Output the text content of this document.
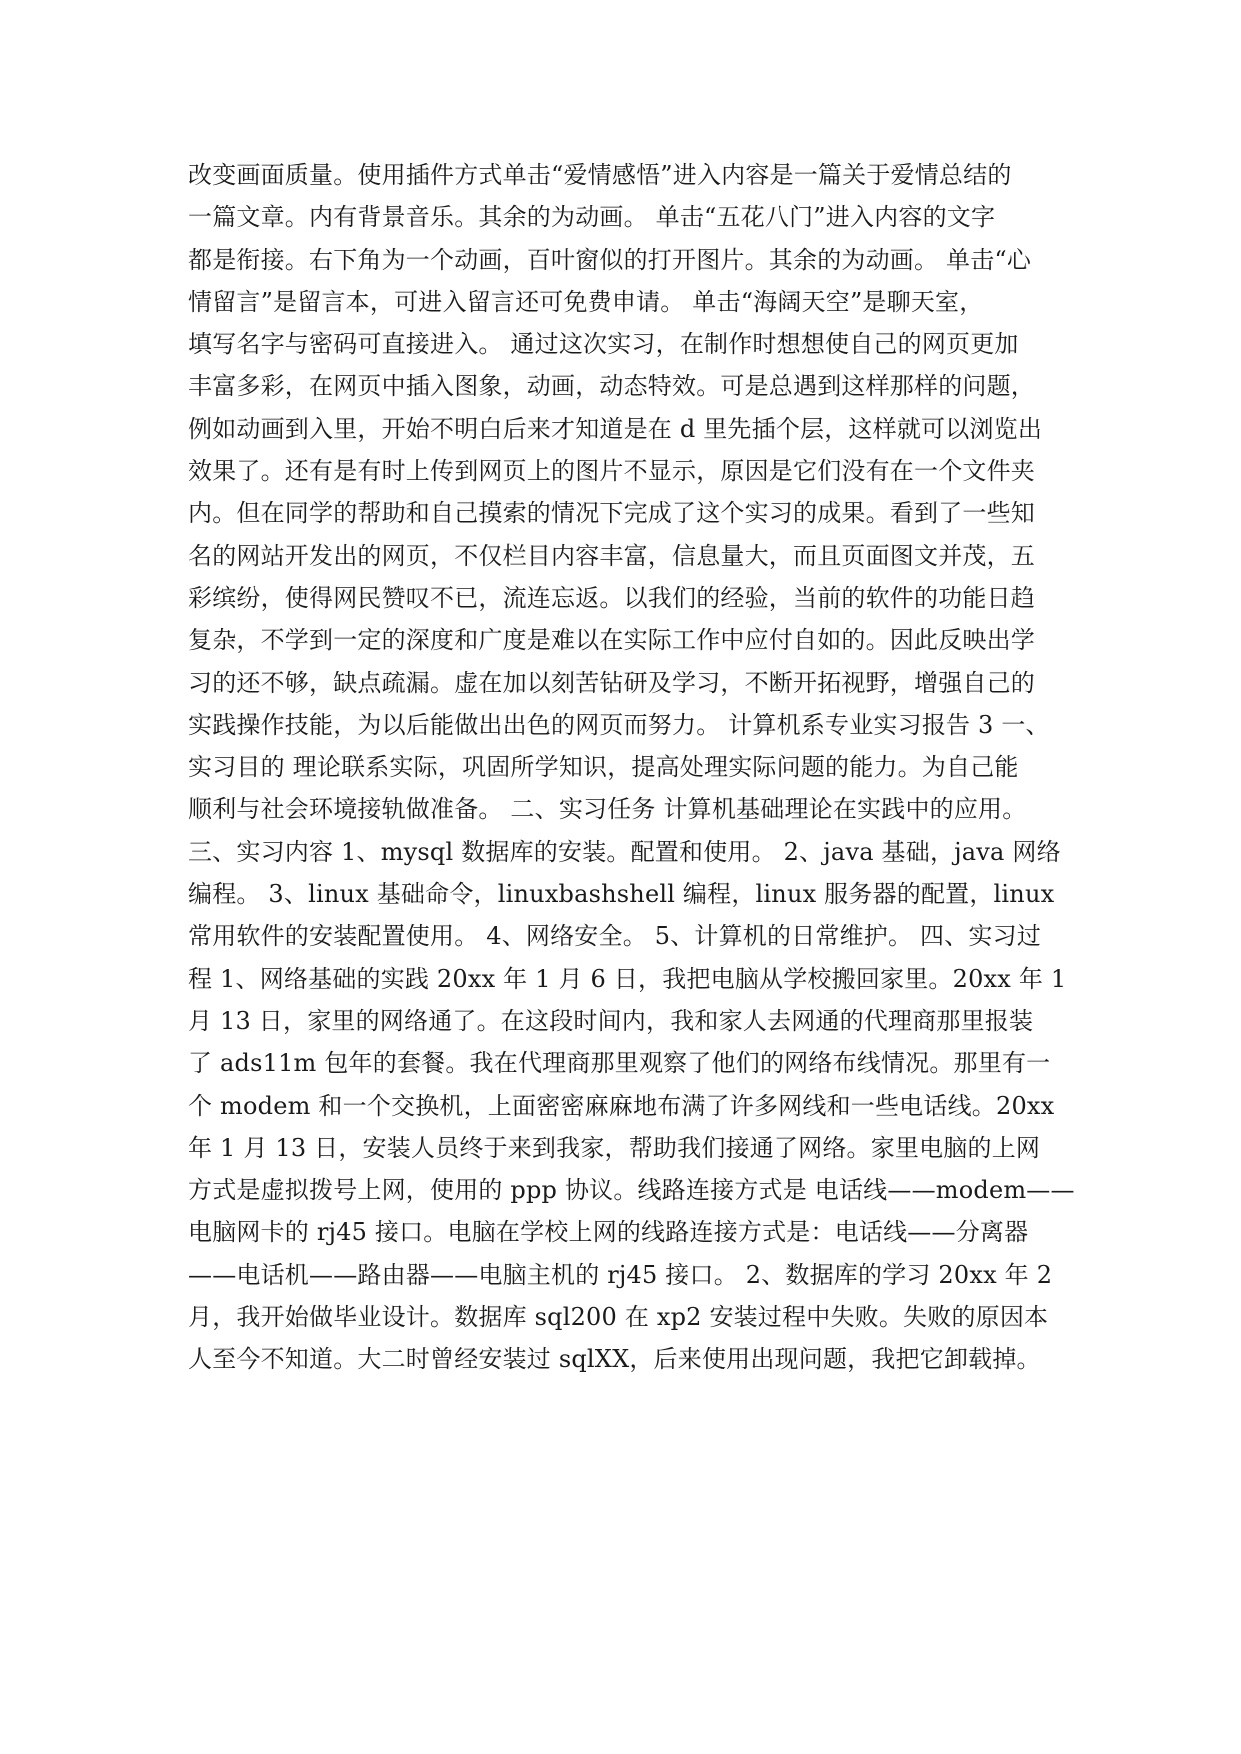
改变画面质量。使用插件方式单击“爱情感悟”进入内容是一篇关于爱情总结的
一篇文章。内有背景音乐。其余的为动画。 单击“五花八门”进入内容的文字
都是衔接。右下角为一个动画，百叶窗似的打开图片。其余的为动画。 单击“心
情留言”是留言本，可进入留言还可免费申请。 单击“海阔天空”是聊天室，
填写名字与密码可直接进入。 通过这次实习，在制作时想想使自己的网页更加
丰富多彩，在网页中插入图象，动画，动态特效。可是总遇到这样那样的问题，
例如动画到入里，开始不明白后来才知道是在 d 里先插个层，这样就可以浏览出
效果了。还有是有时上传到网页上的图片不显示，原因是它们没有在一个文件夹
内。但在同学的帮助和自己摸索的情况下完成了这个实习的成果。看到了一些知
名的网站开发出的网页，不仅栏目内容丰富，信息量大，而且页面图文并茂，五
彩缤纷，使得网民赞叹不已，流连忘返。以我们的经验，当前的软件的功能日趋
复杂，不学到一定的深度和广度是难以在实际工作中应付自如的。因此反映出学
习的还不够，缺点疏漏。虚在加以刻苦钻研及学习，不断开拓视野，增强自己的
实践操作技能，为以后能做出出色的网页而努力。 计算机系专业实习报告 3 一、
实习目的 理论联系实际，巩固所学知识，提高处理实际问题的能力。为自己能
顺利与社会环境接轨做准备。 二、实习任务 计算机基础理论在实践中的应用。
三、实习内容 1、mysql 数据库的安装。配置和使用。 2、java 基础，java 网络
编程。 3、linux 基础命令，linuxbashshell 编程，linux 服务器的配置，linux
常用软件的安装配置使用。 4、网络安全。 5、计算机的日常维护。 四、实习过
程 1、网络基础的实践 20xx 年 1 月 6 日，我把电脑从学校搬回家里。20xx 年 1
月 13 日，家里的网络通了。在这段时间内，我和家人去网通的代理商那里报装
了 ads11m 包年的套餐。我在代理商那里观察了他们的网络布线情况。那里有一
个 modem 和一个交换机，上面密密麻麻地布满了许多网线和一些电话线。20xx
年 1 月 13 日，安装人员终于来到我家，帮助我们接通了网络。家里电脑的上网
方式是虚拟拨号上网，使用的 ppp 协议。线路连接方式是 电话线——modem——
电脑网卡的 rj45 接口。电脑在学校上网的线路连接方式是：电话线——分离器
——电话机——路由器——电脑主机的 rj45 接口。 2、数据库的学习 20xx 年 2
月，我开始做毕业设计。数据库 sql200 在 xp2 安装过程中失败。失败的原因本
人至今不知道。大二时曾经安装过 sqlXX，后来使用出现问题，我把它卸载掉。
